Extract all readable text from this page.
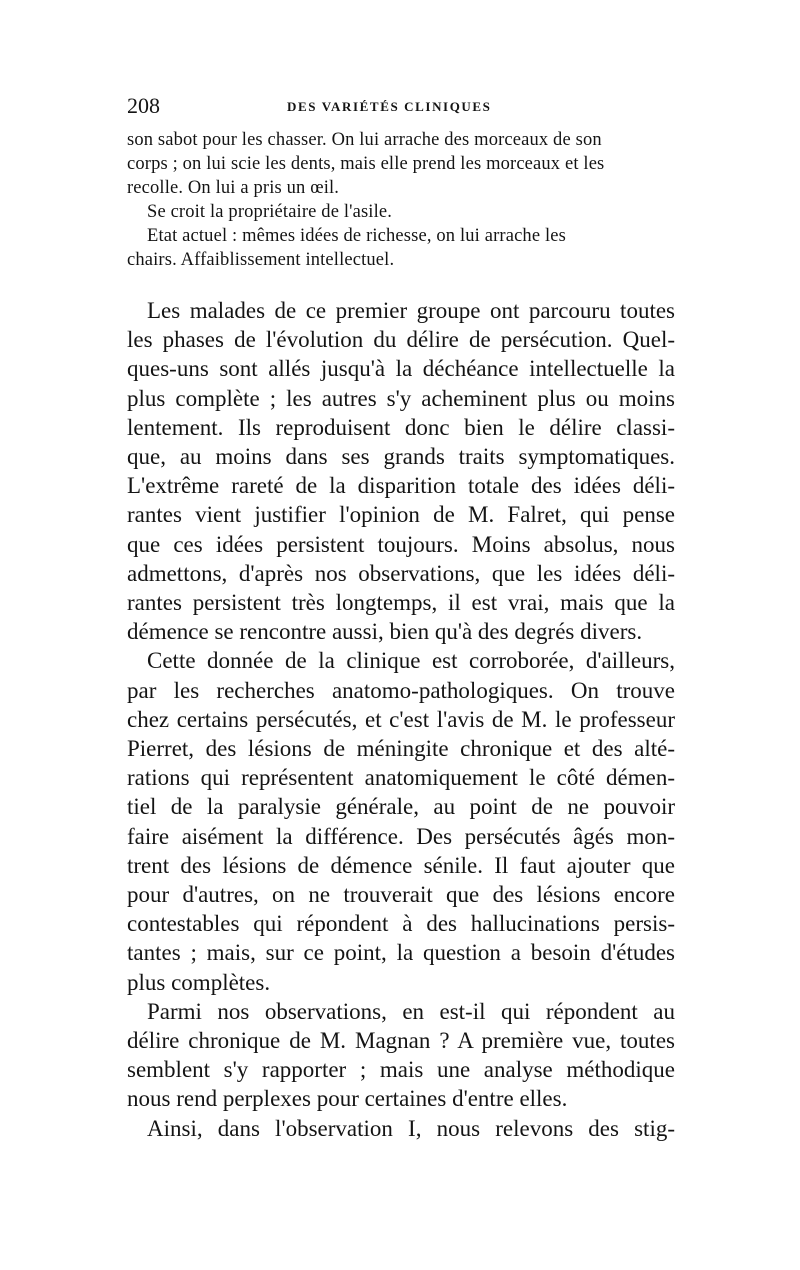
208	DES VARIÉTÉS CLINIQUES
son sabot pour les chasser. On lui arrache des morceaux de son
corps ; on lui scie les dents, mais elle prend les morceaux et les
recolle. On lui a pris un œil.
Se croit la propriétaire de l'asile.
Etat actuel : mêmes idées de richesse, on lui arrache les
chairs. Affaiblissement intellectuel.
Les malades de ce premier groupe ont parcouru toutes
les phases de l'évolution du délire de persécution. Quel-
ques-uns sont allés jusqu'à la déchéance intellectuelle la
plus complète ; les autres s'y acheminent plus ou moins
lentement. Ils reproduisent donc bien le délire classi-
que, au moins dans ses grands traits symptomatiques.
L'extrême rareté de la disparition totale des idées déli-
rantes vient justifier l'opinion de M. Falret, qui pense
que ces idées persistent toujours. Moins absolus, nous
admettons, d'après nos observations, que les idées déli-
rantes persistent très longtemps, il est vrai, mais que la
démence se rencontre aussi, bien qu'à des degrés divers.
Cette donnée de la clinique est corroborée, d'ailleurs,
par les recherches anatomo-pathologiques. On trouve
chez certains persécutés, et c'est l'avis de M. le professeur
Pierret, des lésions de méningite chronique et des alté-
rations qui représentent anatomiquement le côté démen-
tiel de la paralysie générale, au point de ne pouvoir
faire aisément la différence. Des persécutés âgés mon-
trent des lésions de démence sénile. Il faut ajouter que
pour d'autres, on ne trouverait que des lésions encore
contestables qui répondent à des hallucinations persis-
tantes ; mais, sur ce point, la question a besoin d'études
plus complètes.
Parmi nos observations, en est-il qui répondent au
délire chronique de M. Magnan ? A première vue, toutes
semblent s'y rapporter ; mais une analyse méthodique
nous rend perplexes pour certaines d'entre elles.
Ainsi, dans l'observation I, nous relevons des stig-
